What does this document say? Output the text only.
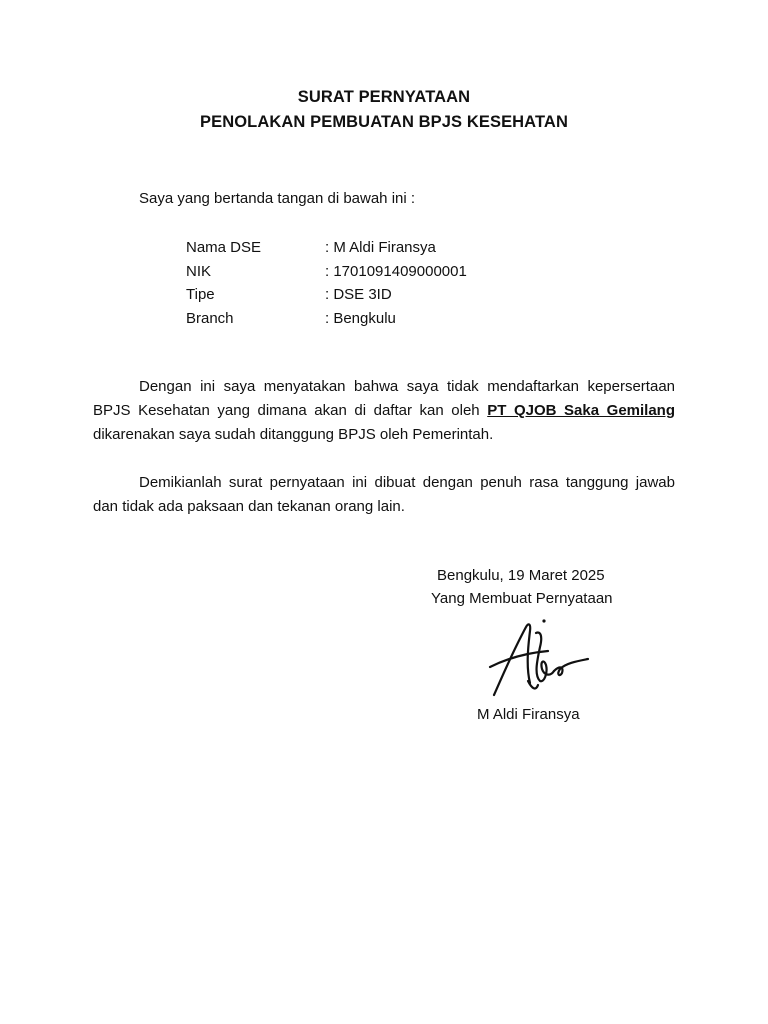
SURAT PERNYATAAN
PENOLAKAN PEMBUATAN BPJS KESEHATAN
Saya yang bertanda tangan di bawah ini :
Nama DSE	: M Aldi Firansya
NIK	: 1701091409000001
Tipe	: DSE 3ID
Branch	: Bengkulu
Dengan ini saya menyatakan bahwa saya tidak mendaftarkan kepersertaan BPJS Kesehatan yang dimana akan di daftar kan oleh PT QJOB Saka Gemilang dikarenakan saya sudah ditanggung BPJS oleh Pemerintah.
Demikianlah surat pernyataan ini dibuat dengan penuh rasa tanggung jawab dan tidak ada paksaan dan tekanan orang lain.
Bengkulu, 19 Maret 2025
Yang Membuat Pernyataan
M Aldi Firansya
